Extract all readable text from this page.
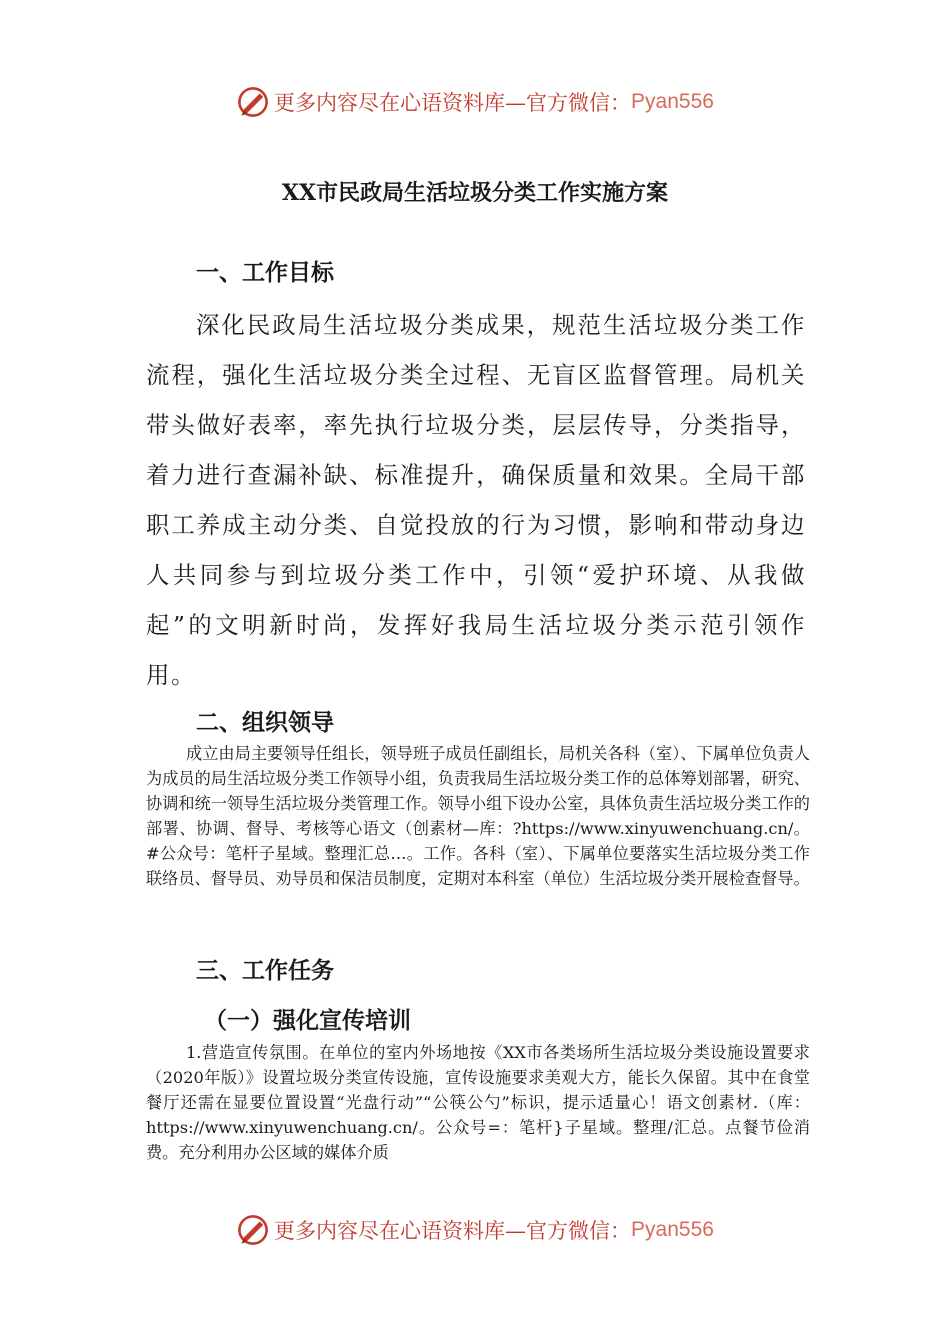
更多内容尽在心语资料库—官方微信： Pyan556
XX市民政局生活垃圾分类工作实施方案
一、工作目标
深化民政局生活垃圾分类成果，规范生活垃圾分类工作流程，强化生活垃圾分类全过程、无盲区监督管理。局机关带头做好表率，率先执行垃圾分类，层层传导，分类指导，着力进行查漏补缺、标准提升，确保质量和效果。全局干部职工养成主动分类、自觉投放的行为习惯，影响和带动身边人共同参与到垃圾分类工作中，引领“爱护环境、从我做起”的文明新时尚，发挥好我局生活垃圾分类示范引领作用。
二、组织领导
成立由局主要领导任组长，领导班子成员任副组长，局机关各科（室）、下属单位负责人为成员的局生活垃圾分类工作领导小组，负责我局生活垃圾分类工作的总体筹划部署，研究、协调和统一领导生活垃圾分类管理工作。领导小组下设办公室，具体负责生活垃圾分类工作的部署、协调、督导、考核等心语文（创素材—库：?https://www.xinyuwenchuang.cn/。#公众号：笔杆子星域。整理汇总…。工作。各科（室）、下属单位要落实生活垃圾分类工作联络员、督导员、劝导员和保洁员制度，定期对本科室（单位）生活垃圾分类开展检查督导。
三、工作任务
（一）强化宣传培训
1.营造宣传氛围。在单位的室内外场地按《XX市各类场所生活垃圾分类设施设置要求（2020年版）》设置垃圾分类宣传设施，宣传设施要求美观大方，能长久保留。其中在食堂餐厅还需在显要位置设置“光盘行动”“公筷公勺”标识，提示适量心！语文创素材.（库：https://www.xinyuwenchuang.cn/。公众号=：笔杆}子星域。整理/汇总。点餐节俭消费。充分利用办公区域的媒体介质
更多内容尽在心语资料库—官方微信： Pyan556
